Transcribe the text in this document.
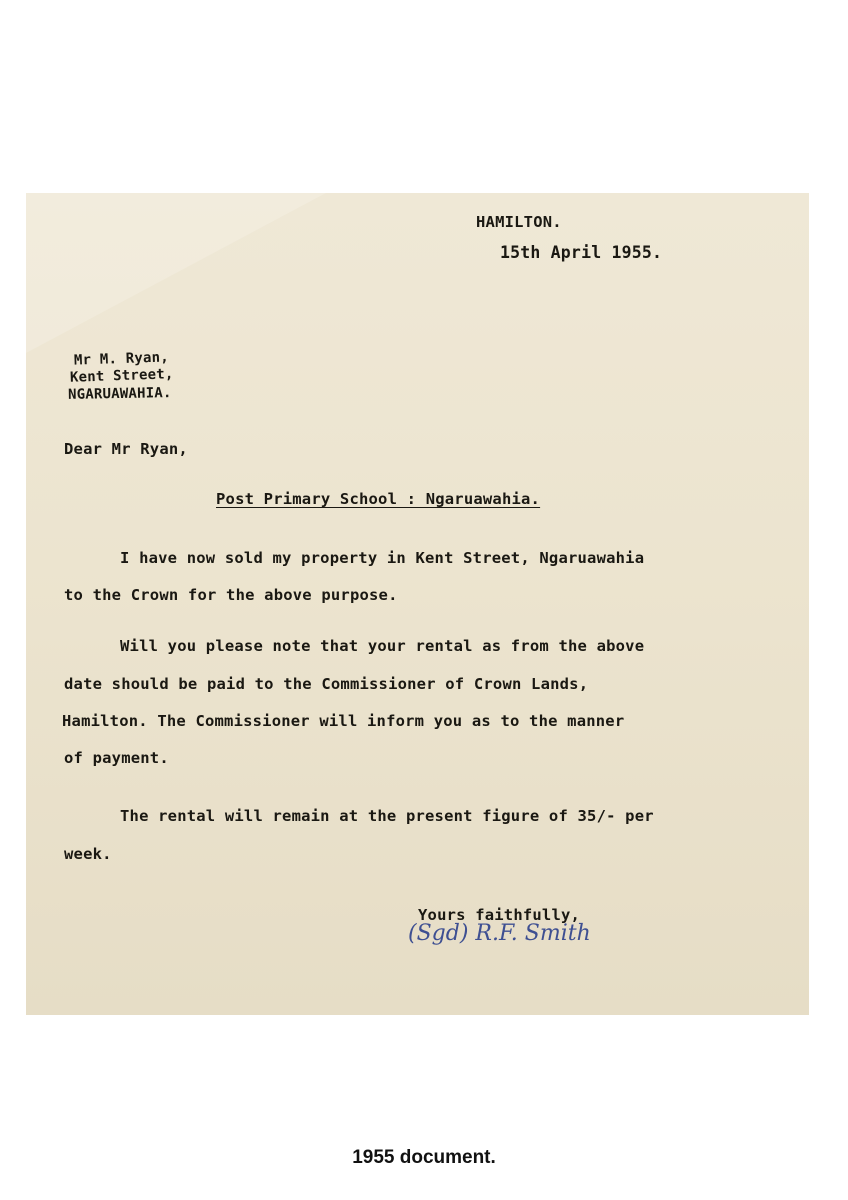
HAMILTON.
15th April 1955.
Mr M. Ryan,
Kent Street,
NGARUAWAHIA.
Dear Mr Ryan,
Post Primary School : Ngaruawahia.
I have now sold my property in Kent Street, Ngaruawahia
to the Crown for the above purpose.
Will you please note that your rental as from the above
date should be paid to the Commissioner of Crown Lands,
Hamilton. The Commissioner will inform you as to the manner
of payment.
The rental will remain at the present figure of 35/- per
week.
Yours faithfully,
(Sgd) R.F. Smith
1955 document.
